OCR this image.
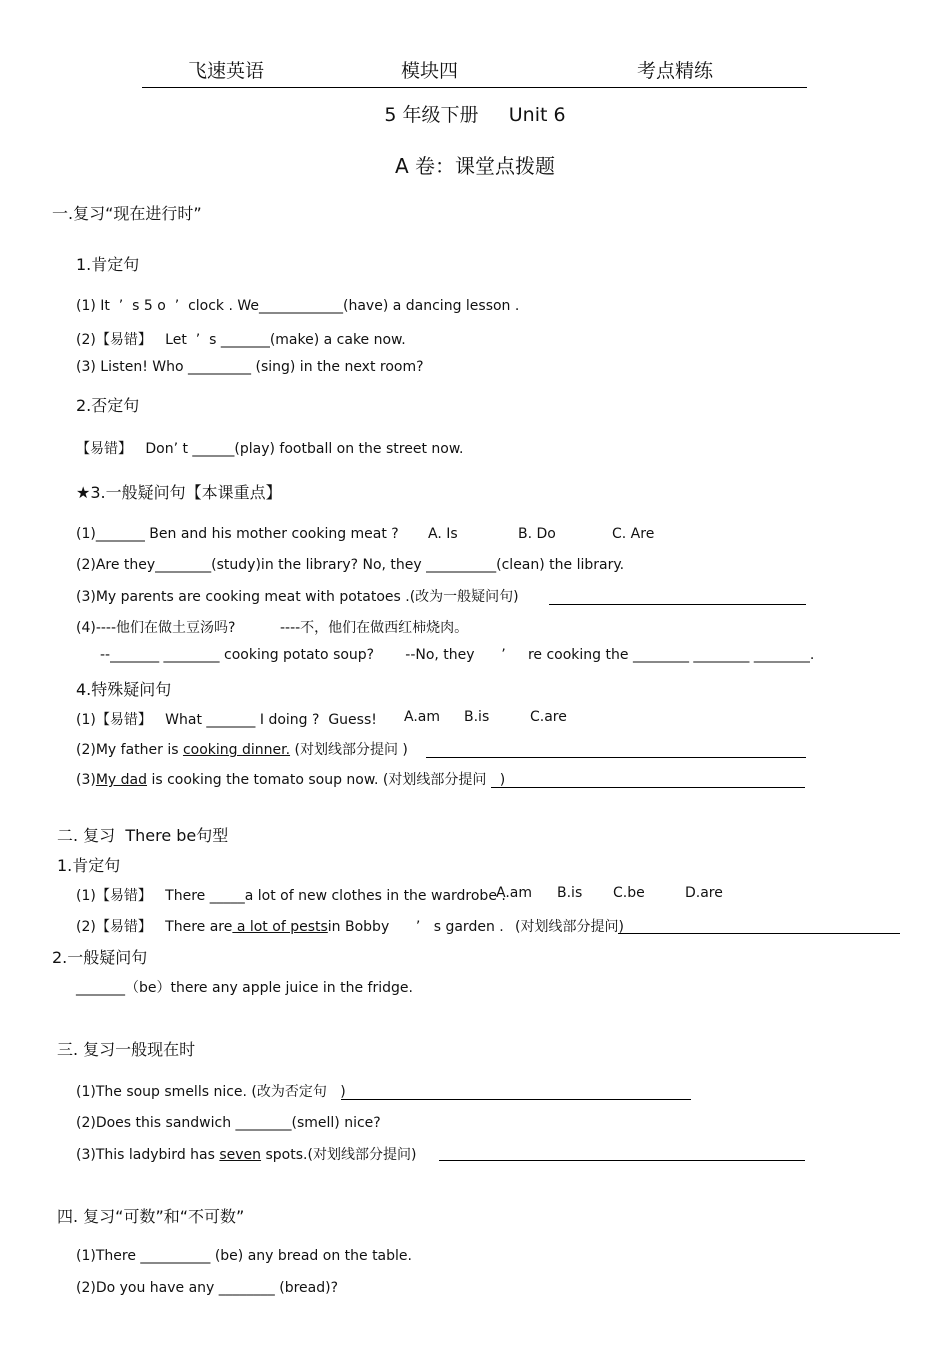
飞速英语	模块四	考点精练
5 年级下册     Unit 6
A 卷：课堂点拨题
一.复习“现在进行时”
1.肯定句
(1) It  ’  s 5 o  ’  clock . We____________(have) a dancing lesson .
(2)【易错】   Let  ’  s _______(make) a cake now.
(3) Listen! Who _________ (sing) in the next room?
2.否定句
【易错】   Don’ t ______(play) football on the street now.
★3.一般疑问句【本课重点】
(1)_______ Ben and his mother cooking meat ? A. Is	B. Do	C. Are
(2)Are they________(study)in the library? No, they __________(clean) the library.
(3)My parents are cooking meat with potatoes .(改为一般疑问句)
(4)----他们在做土豆汤吗?          ----不，他们在做西红柿烧肉。
--_______ ________ cooking potato soup?       --No, they      ’     re cooking the ________ ________ ________.
4.特殊疑问句
(1)【易错】   What _______ I doing ?  Guess! A.am B.is	C.are
(2)My father is cooking dinner. (对划线部分提问 )
(3)My dad is cooking the tomato soup now. (对划线部分提问   )
二. 复习  There be句型
1.肯定句
(1)【易错】   There _____a lot of new clothes in the wardrobe .
A.am B.is C.be	D.are
(2)【易错】   There are a lot of pestsin Bobby      ’   s garden . (对划线部分提问)
2.一般疑问句
_______（be）there any apple juice in the fridge.
三. 复习一般现在时
(1)The soup smells nice. (改为否定句   )
(2)Does this sandwich ________(smell) nice?
(3)This ladybird has seven spots.(对划线部分提问)
四. 复习“可数”和“不可数”
(1)There __________ (be) any bread on the table.
(2)Do you have any ________ (bread)?
